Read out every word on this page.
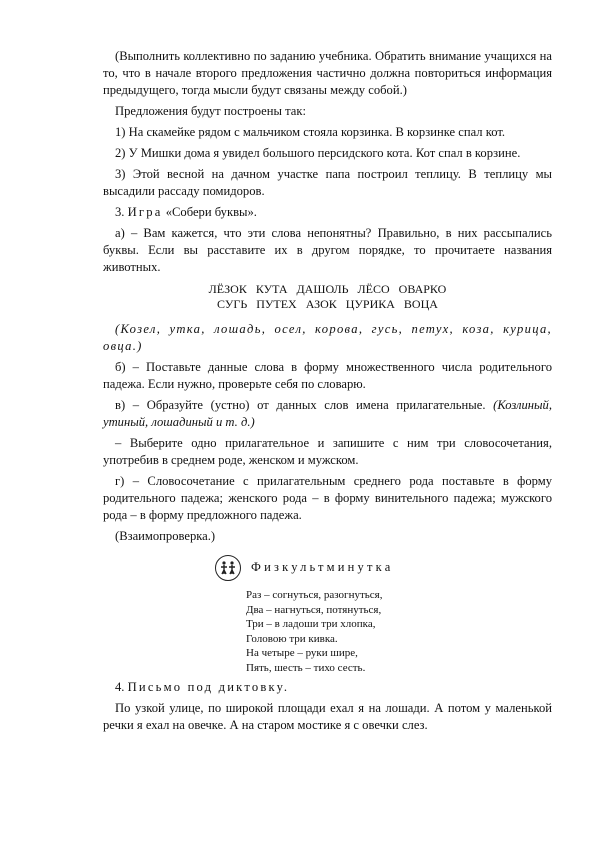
(Выполнить коллективно по заданию учебника. Обратить внимание учащихся на то, что в начале второго предложения частично должна повториться информация предыдущего, тогда мысли будут связаны между собой.)

Предложения будут построены так:

1) На скамейке рядом с мальчиком стояла корзинка. В корзинке спал кот.

2) У Мишки дома я увидел большого персидского кота. Кот спал в корзине.

3) Этой весной на дачном участке папа построил теплицу. В теплицу мы высадили рассаду помидоров.

3. Игра «Собери буквы».

а) – Вам кажется, что эти слова непонятны? Правильно, в них рассыпались буквы. Если вы расставите их в другом порядке, то прочитаете названия животных.

ЛЁЗОК КУТА ДАШОЛЬ ЛЁСО ОВАРКО
СУГЬ ПУТЕХ АЗОК ЦУРИКА ВОЦА

(Козел, утка, лошадь, осел, корова, гусь, петух, коза, курица, овца.)

б) – Поставьте данные слова в форму множественного числа родительного падежа. Если нужно, проверьте себя по словарю.

в) – Образуйте (устно) от данных слов имена прилагательные. (Козлиный, утиный, лошадиный и т. д.)

– Выберите одно прилагательное и запишите с ним три словосочетания, употребив в среднем роде, женском и мужском.

г) – Словосочетание с прилагательным среднего рода поставьте в форму родительного падежа; женского рода – в форму винительного падежа; мужского рода – в форму предложного падежа.

(Взаимопроверка.)

Физкультминутка
Раз – согнуться, разогнуться,
Два – нагнуться, потянуться,
Три – в ладоши три хлопка,
Головою три кивка.
На четыре – руки шире,
Пять, шесть – тихо сесть.

4. Письмо под диктовку.

По узкой улице, по широкой площади ехал я на лошади. А потом у маленькой речки я ехал на овечке. А на старом мостике я с овечки слез.
